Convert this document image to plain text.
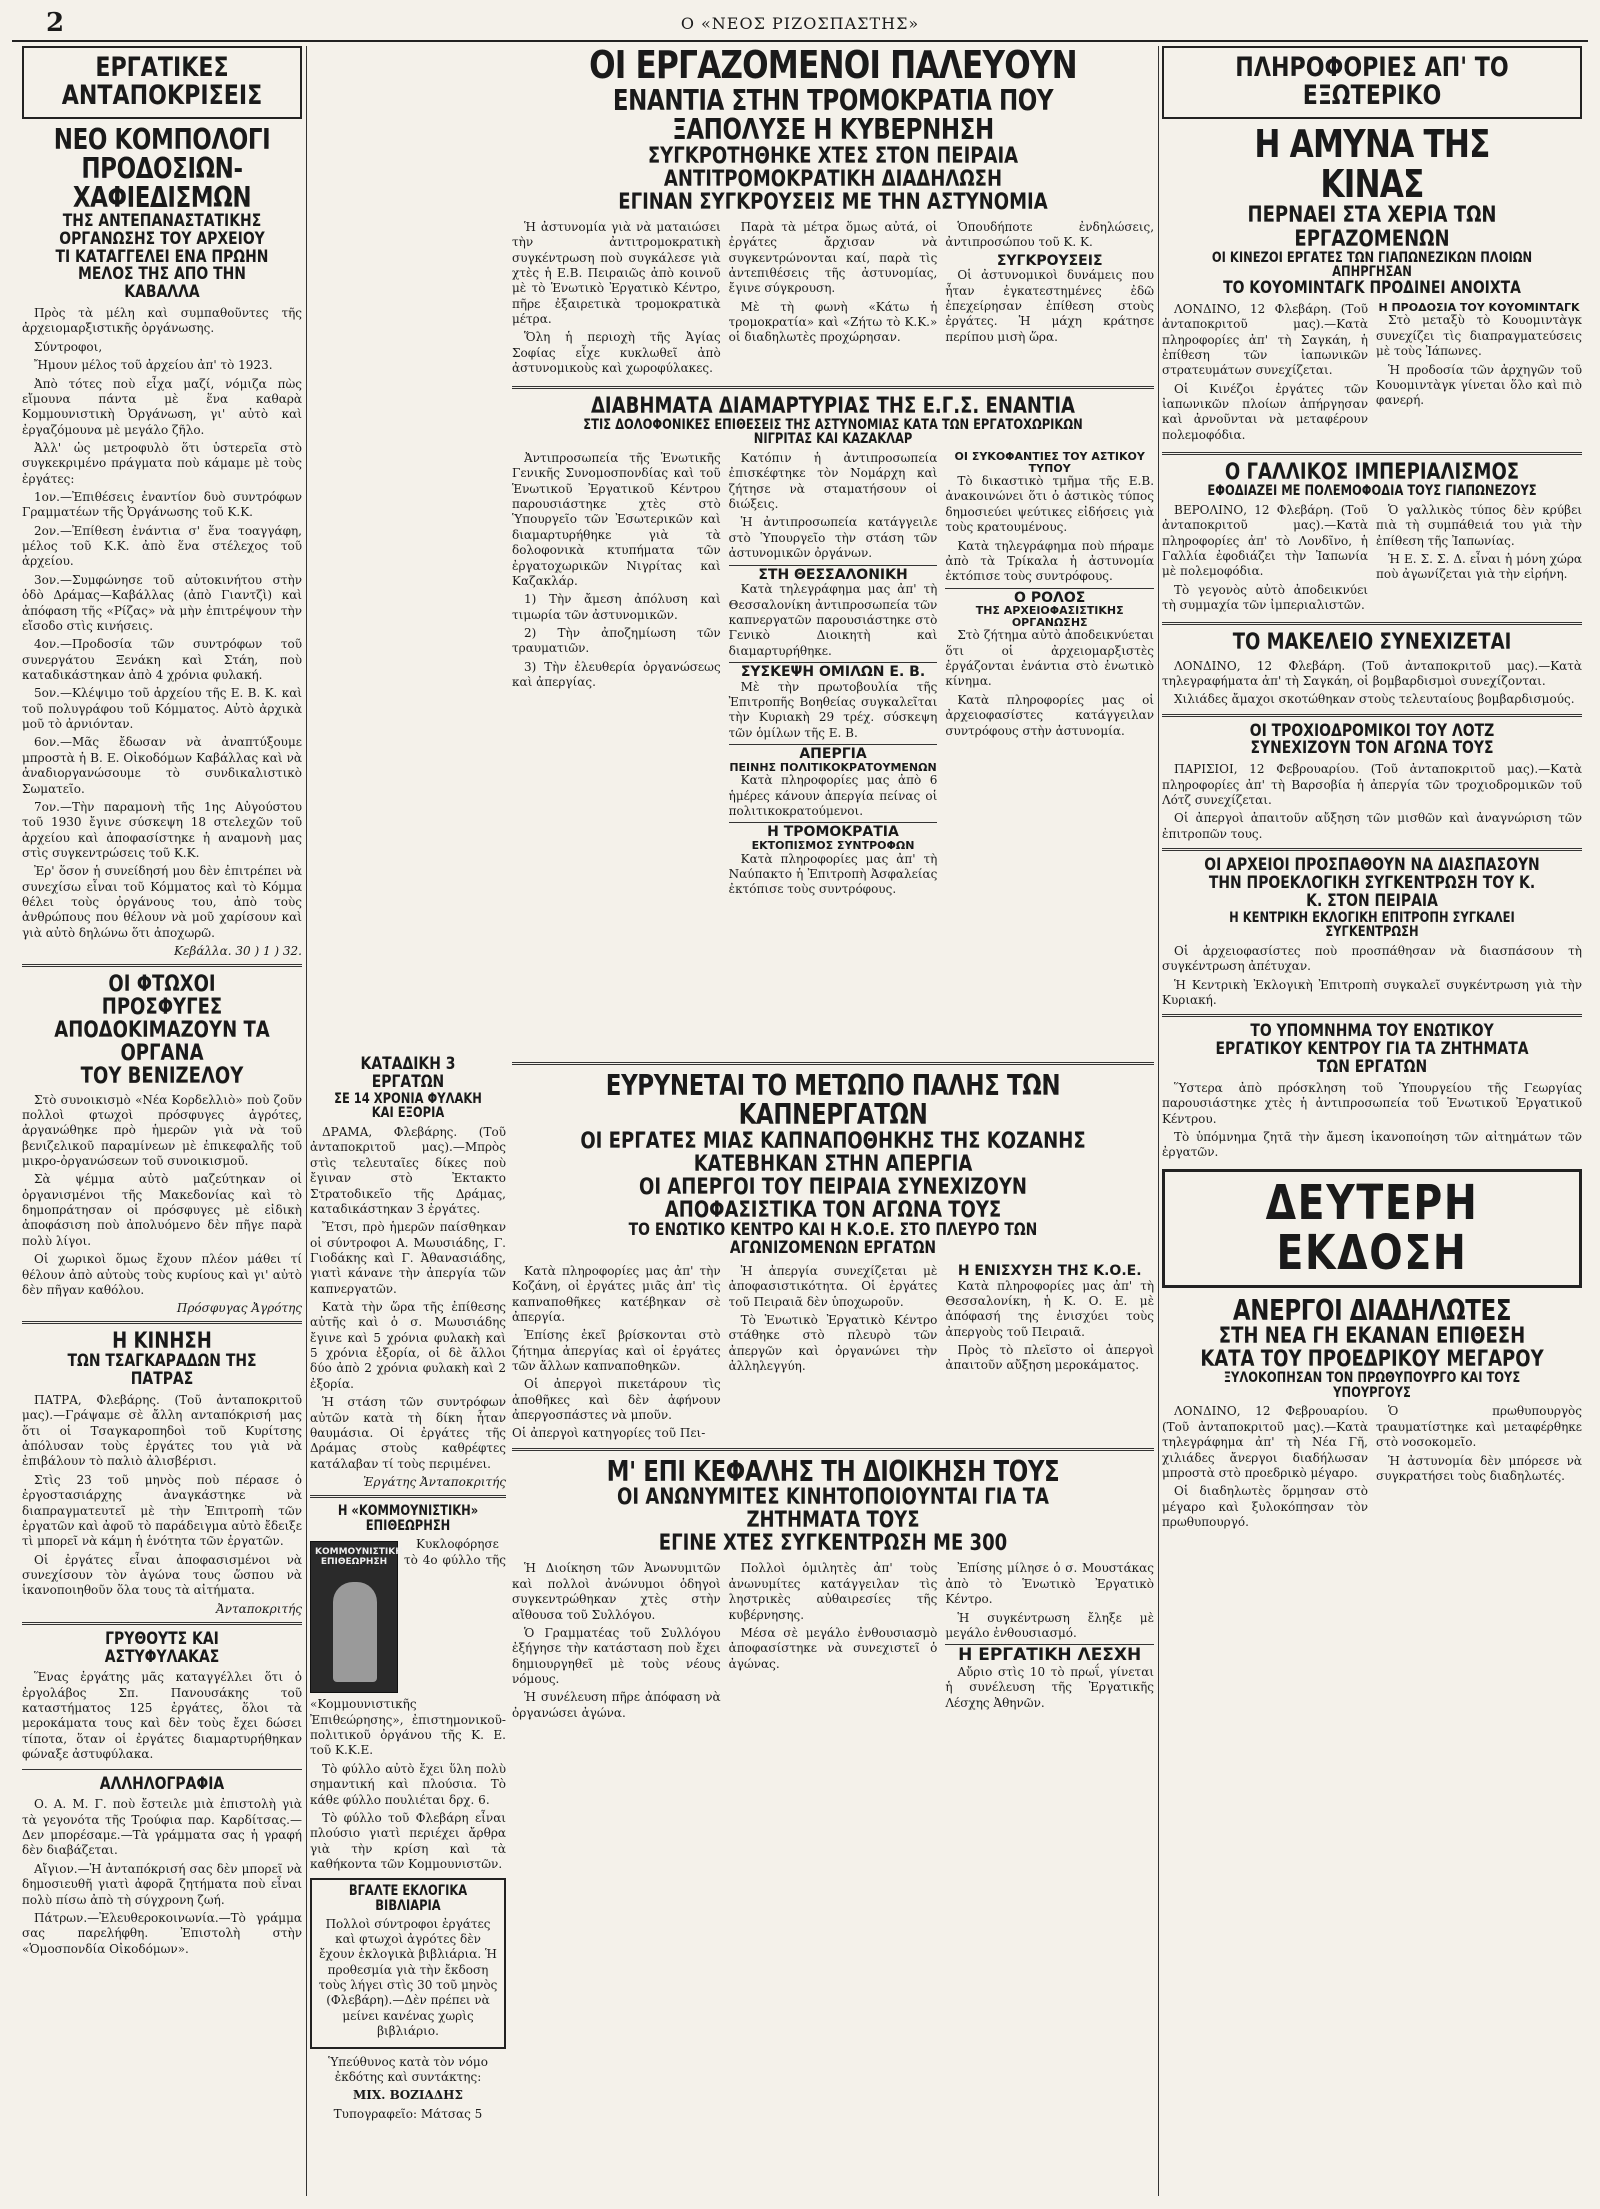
2	Ο «ΝΕΟΣ ΡΙΖΟΣΠΑΣΤΗΣ»
ΕΡΓΑΤΙΚΕΣ ΑΝΤΑΠΟΚΡΙΣΕΙΣ
ΝΕΟ ΚΟΜΠΟΛΟΓΙ ΠΡΟΔΟΣΙΩΝ-ΧΑΦΙΕΔΙΣΜΩΝ
ΤΗΣ ΑΝΤΕΠΑΝΑΣΤΑΤΙΚΗΣ ΟΡΓΑΝΩΣΗΣ ΤΟΥ ΑΡΧΕΙΟΥ
ΤΙ ΚΑΤΑΓΓΕΛΕΙ ΕΝΑ ΠΡΩΗΝ ΜΕΛΟΣ ΤΗΣ ΑΠΟ ΤΗΝ ΚΑΒΑΛΛΑ

Πρὸς τὰ μέλη καὶ συμπαθοῦντες τῆς ἀρχειομαρξιστικῆς ὀργάνωσης.

Σύντροφοι,

Ἤμουν μέλος τοῦ ἀρχείου ἀπ' τὸ 1923.

Ἀπὸ τότες ποὺ εἶχα μαζί, νόμιζα πὼς εἴμουνα πάντα μὲ ἕνα καθαρὰ Κομμουνιστικὴ Ὀργάνωση, γι' αὐτὸ καὶ ἐργαζόμουνα μὲ μεγάλο ζῆλο.

Ἀλλ' ὡς μετροφυλὸ ὅτι ὑστερεῖα στὸ συγκεκριμένο πράγματα ποὺ κάμαμε μὲ τοὺς ἐργάτες:

1ον.—Ἐπιθέσεις ἐναντίον δυὸ συντρόφων Γραμματέων τῆς Ὀργάνωσης τοῦ Κ.Κ.

2ον.—Ἐπίθεση ἐνάντια σ' ἕνα τοαγγάφη, μέλος τοῦ Κ.Κ. ἀπὸ ἕνα στέλεχος τοῦ ἀρχείου.

3ον.—Συμφώνησε τοῦ αὐτοκινήτου στὴν ὁδὸ Δράμας—Καβάλλας (ἀπὸ Γιαντζὶ) καὶ ἀπόφαση τῆς «Ρίζας» νὰ μὴν ἐπιτρέψουν τὴν εἴσοδο στὶς κινήσεις.

4ον.—Προδοσία τῶν συντρόφων τοῦ συνεργάτου Ξενάκη καὶ Στάη, ποὺ καταδικάστηκαν ἀπὸ 4 χρόνια φυλακή.

5ον.—Κλέψιμο τοῦ ἀρχείου τῆς Ε. Β. Κ. καὶ τοῦ πολυγράφου τοῦ Κόμματος. Αὐτὸ ἀρχικὰ μοῦ τὸ ἀρνιόνταν.

6ον.—Μᾶς ἔδωσαν νὰ ἀναπτύξουμε μπροστὰ ἡ Β. Ε. Οἰκοδόμων Καβάλλας καὶ νὰ ἀναδιοργανώσουμε τὸ συνδικαλιστικὸ Σωματεῖο.

7ον.—Τὴν παραμονὴ τῆς 1ης Αὐγούστου τοῦ 1930 ἔγινε σύσκεψη 18 στελεχῶν τοῦ ἀρχείου καὶ ἀποφασίστηκε ἡ αναμονὴ μας στὶς συγκεντρώσεις τοῦ Κ.Κ.

Ἐρ' ὅσον ἡ συνείδησή μου δὲν ἐπιτρέπει νὰ συνεχίσω εἶναι τοῦ Κόμματος καὶ τὸ Κόμμα θέλει τοὺς ὀργάνους του, ἀπὸ τοὺς ἀνθρώπους που θέλουν νὰ μοῦ χαρίσουν καὶ γιὰ αὐτὸ δηλώνω ὅτι ἀποχωρῶ.

Κεβάλλα. 30 ) 1 ) 32.
ΟΙ ΦΤΩΧΟΙ ΠΡΟΣΦΥΓΕΣ
ΑΠΟΔΟΚΙΜΑΖΟΥΝ ΤΑ ΟΡΓΑΝΑ
ΤΟΥ ΒΕΝΙΖΕΛΟΥ

Στὸ συνοικισμὸ «Νέα Κορδελλιὸ» ποὺ ζοῦν πολλοὶ φτωχοὶ πρόσφυγες ἀγρότες, ἀργανώθηκε πρὸ ἡμερῶν γιὰ νὰ τοῦ βενιζελικοῦ παραμίνεων μὲ ἐπικεφαλῆς τοῦ μικρο-ὀργανώσεων τοῦ συνοικισμοῦ.

Σὰ ψέμμα αὐτὸ μαζεύτηκαν οἱ ὀργανισμένοι τῆς Μακεδονίας καὶ τὸ δημοπράτησαν οἱ πρόσφυγες μὲ εἰδικὴ ἀποφάσιση ποὺ ἀπολυόμενο δὲν πῆγε παρὰ πολὺ λίγοι.

Οἱ χωρικοὶ ὅμως ἔχουν πλέον μάθει τί θέλουν ἀπὸ αὐτοὺς τοὺς κυρίους καὶ γι' αὐτὸ δὲν πῆγαν καθόλου.

Πρόσφυγας Ἀγρότης
Η ΚΙΝΗΣΗ
ΤΩΝ ΤΣΑΓΚΑΡΑΔΩΝ ΤΗΣ ΠΑΤΡΑΣ

ΠΑΤΡΑ, Φλεβάρης. (Τοῦ ἀνταποκριτοῦ μας).—Γράψαμε σὲ ἄλλη ανταπόκρισή μας ὅτι οἱ Τσαγκαροπηδοὶ τοῦ Κυρίτσης ἀπόλυσαν τοὺς ἐργάτες του γιὰ νὰ ἐπιβάλουν τὸ παλιὸ ἀλισβέρισι.

Στὶς 23 τοῦ μηνὸς ποὺ πέρασε ὁ ἐργοστασιάρχης ἀναγκάστηκε νὰ διαπραγματευτεῖ μὲ τὴν Ἐπιτροπὴ τῶν ἐργατῶν καὶ ἀφοῦ τὸ παράδειγμα αὐτὸ ἔδειξε τὶ μπορεῖ νὰ κάμη ἡ ἑνότητα τῶν ἐργατῶν.

Οἱ ἐργάτες εἶναι ἀποφασισμένοι νὰ συνεχίσουν τὸν ἀγώνα τους ὥσπου νὰ ἱκανοποιηθοῦν ὅλα τους τὰ αἰτήματα.

Ἀνταποκριτής
ΓΡΥΘΟΥΤΣ ΚΑΙ ΑΣΤΥΦΥΛΑΚΑΣ

Ἕνας ἐργάτης μᾶς καταγγέλλει ὅτι ὁ ἐργολάβος Σπ. Πανουσάκης τοῦ καταστήματος 125 ἐργάτες, ὅλοι τὰ μεροκάματα τους καὶ δὲν τοὺς ἔχει δώσει τίποτα, ὅταν οἱ ἐργάτες διαμαρτυρήθηκαν φώναξε ἀστυφύλακα.

ΑΛΛΗΛΟΓΡΑΦΙΑ

Ο. Α. Μ. Γ. ποὺ ἔστειλε μιὰ ἐπιστολὴ γιὰ τὰ γεγονότα τῆς Τρούφια παρ. Καρδίτσας.—Δεν μπορέσαμε.—Τὰ γράμματα σας ἡ γραφή δὲν διαβάζεται.

Αἴγιον.—Ἡ ἀνταπόκρισή σας δὲν μπορεῖ νὰ δημοσιευθῆ γιατὶ ἀφορᾶ ζητήματα ποὺ εἶναι πολὺ πίσω ἀπὸ τὴ σύγχρονη ζωή.

Πάτρων.—Ἐλευθεροκοινωνία.—Τὸ γράμμα σας παρελήφθη. Ἐπιστολὴ στὴν «Ὁμοσπονδία Οἰκοδόμων».

ΚΑΤΑΔΙΚΗ 3 ΕΡΓΑΤΩΝ
ΣΕ 14 ΧΡΟΝΙΑ ΦΥΛΑΚΗ ΚΑΙ ΕΞΟΡΙΑ

ΔΡΑΜΑ, Φλεβάρης. (Τοῦ ἀνταποκριτοῦ μας).—Μπρὸς στὶς τελευταῖες δίκες ποὺ ἔγιναν στὸ Ἐκτακτο Στρατοδικεῖο τῆς Δράμας, καταδικάστηκαν 3 ἐργάτες.

Ἔτσι, πρὸ ἡμερῶν παίσθηκαν οἱ σύντροφοι Α. Μωυσιάδης, Γ. Γιοδάκης καὶ Γ. Ἀθανασιάδης, γιατὶ κάνανε τὴν ἀπεργία τῶν καπνεργατῶν.

Κατὰ τὴν ὥρα τῆς ἐπίθεσης αὐτῆς καὶ ὁ σ. Μωυσιάδης ἔγινε καὶ 5 χρόνια φυλακὴ καὶ 5 χρόνια ἐξορία, οἱ δὲ ἄλλοι δύο ἀπὸ 2 χρόνια φυλακὴ καὶ 2 ἐξορία.

Ἡ στάση τῶν συντρόφων αὐτῶν κατὰ τὴ δίκη ἦταν θαυμάσια. Οἱ ἐργάτες τῆς Δράμας στοὺς καθρέφτες κατάλαβαν τί τοὺς περιμένει.

Ἐργάτης Ἀνταποκριτής
Η «ΚΟΜΜΟΥΝΙΣΤΙΚΗ» ΕΠΙΘΕΩΡΗΣΗ
ΚΟΜΜΟΥΝΙΣΤΙΚΗ ΕΠΙΘΕΩΡΗΣΗ

Κυκλοφόρησε τὸ 4ο φύλλο τῆς «Κομμουνιστικῆς Ἐπιθεώρησης», ἐπιστημονικοῦ-πολιτικοῦ ὀργάνου τῆς Κ. Ε. τοῦ Κ.Κ.Ε.

Τὸ φύλλο αὐτὸ ἔχει ὕλη πολὺ σημαντική καὶ πλούσια. Τὸ κάθε φύλλο πουλιέται δρχ. 6.

Τὸ φύλλο τοῦ Φλεβάρη εἶναι πλούσιο γιατὶ περιέχει ἄρθρα γιὰ τὴν κρίση καὶ τὰ καθήκοντα τῶν Κομμουνιστῶν.

ΒΓΑΛΤΕ ΕΚΛΟΓΙΚΑ ΒΙΒΛΙΑΡΙΑ

Πολλοὶ σύντροφοι ἐργάτες καὶ φτωχοὶ ἀγρότες δὲν ἔχουν ἐκλογικὰ βιβλιάρια. Ἡ προθεσμία γιὰ τὴν ἔκδοση τοὺς λήγει στὶς 30 τοῦ μηνὸς (Φλεβάρη).—Δὲν πρέπει νὰ μείνει κανένας χωρὶς βιβλιάριο.

Ὑπεύθυνος κατὰ τὸν νόμο ἐκδότης καὶ συντάκτης:

ΜΙΧ. ΒΟΖΙΑΔΗΣ

Τυπογραφεῖο: Μάτσας 5

ΟΙ ΕΡΓΑΖΟΜΕΝΟΙ ΠΑΛΕΥΟΥΝ
ΕΝΑΝΤΙΑ ΣΤΗΝ ΤΡΟΜΟΚΡΑΤΙΑ ΠΟΥ ΞΑΠΟΛΥΣΕ Η ΚΥΒΕΡΝΗΣΗ
ΣΥΓΚΡΟΤΗΘΗΚΕ ΧΤΕΣ ΣΤΟΝ ΠΕΙΡΑΙΑ ΑΝΤΙΤΡΟΜΟΚΡΑΤΙΚΗ ΔΙΑΔΗΛΩΣΗ
ΕΓΙΝΑΝ ΣΥΓΚΡΟΥΣΕΙΣ ΜΕ ΤΗΝ ΑΣΤΥΝΟΜΙΑ

Ἡ ἀστυνομία γιὰ νὰ ματαιώσει τὴν ἀντιτρομοκρατικὴ συγκέντρωση ποὺ συγκάλεσε γιὰ χτὲς ἡ Ε.Β. Πειραιῶς ἀπὸ κοινοῦ μὲ τὸ Ἑνωτικὸ Ἐργατικὸ Κέντρο, πῆρε ἐξαιρετικὰ τρομοκρατικὰ μέτρα.

Ὅλη ἡ περιοχὴ τῆς Ἀγίας Σοφίας εἶχε κυκλωθεῖ ἀπὸ ἀστυνομικοὺς καὶ χωροφύλακες.

Παρὰ τὰ μέτρα ὅμως αὐτά, οἱ ἐργάτες ἄρχισαν νὰ συγκεντρώνονται καί, παρὰ τὶς ἀντεπιθέσεις τῆς ἀστυνομίας, ἔγινε σύγκρουση.

Μὲ τὴ φωνὴ «Κάτω ἡ τρομοκρατία» καὶ «Ζήτω τὸ Κ.Κ.» οἱ διαδηλωτὲς προχώρησαν.

Ὁπουδήποτε ἐνδηλώσεις, ἀντιπροσώπου τοῦ Κ. Κ.

ΣΥΓΚΡΟΥΣΕΙΣ

Οἱ ἀστυνομικοὶ δυνάμεις που ἦταν ἐγκατεστημένες ἐδῶ ἐπεχείρησαν ἐπίθεση στοὺς ἐργάτες. Ἡ μάχη κράτησε περίπου μισὴ ὥρα.

ΔΙΑΒΗΜΑΤΑ ΔΙΑΜΑΡΤΥΡΙΑΣ ΤΗΣ Ε.Γ.Σ. ΕΝΑΝΤΙΑ
ΣΤΙΣ ΔΟΛΟΦΟΝΙΚΕΣ ΕΠΙΘΕΣΕΙΣ ΤΗΣ ΑΣΤΥΝΟΜΙΑΣ ΚΑΤΑ ΤΩΝ ΕΡΓΑΤΟΧΩΡΙΚΩΝ ΝΙΓΡΙΤΑΣ ΚΑΙ ΚΑΖΑΚΛΑΡ

Ἀντιπροσωπεία τῆς Ἑνωτικῆς Γενικῆς Συνομοσπονδίας καὶ τοῦ Ἑνωτικοῦ Ἐργατικοῦ Κέντρου παρουσιάστηκε χτὲς στὸ Ὑπουργεῖο τῶν Ἐσωτερικῶν καὶ διαμαρτυρήθηκε γιὰ τὰ δολοφονικὰ κτυπήματα τῶν ἐργατοχωρικῶν Νιγρίτας καὶ Καζακλάρ.

1) Τὴν ἄμεση ἀπόλυση καὶ τιμωρία τῶν ἀστυνομικῶν.

2) Τὴν ἀποζημίωση τῶν τραυματιῶν.

3) Τὴν ἐλευθερία ὀργανώσεως καὶ ἀπεργίας.

Κατόπιν ἡ ἀντιπροσωπεία ἐπισκέφτηκε τὸν Νομάρχη καὶ ζήτησε νὰ σταματήσουν οἱ διώξεις.

Ἡ ἀντιπροσωπεία κατάγγειλε στὸ Ὑπουργεῖο τὴν στάση τῶν ἀστυνομικῶν ὀργάνων.

ΣΤΗ ΘΕΣΣΑΛΟΝΙΚΗ

Κατὰ τηλεγράφημα μας ἀπ' τὴ Θεσσαλονίκη ἀντιπροσωπεία τῶν καπνεργατῶν παρουσιάστηκε στὸ Γενικὸ Διοικητὴ καὶ διαμαρτυρήθηκε.

ΣΥΣΚΕΨΗ ΟΜΙΛΩΝ Ε. Β.

Μὲ τὴν πρωτοβουλία τῆς Ἐπιτροπῆς Βοηθείας συγκαλεῖται τὴν Κυριακὴ 29 τρέχ. σύσκεψη τῶν ὁμίλων τῆς Ε. Β.

ΑΠΕΡΓΙΑ
ΠΕΙΝΗΣ ΠΟΛΙΤΙΚΟΚΡΑΤΟΥΜΕΝΩΝ

Κατὰ πληροφορίες μας ἀπὸ 6 ἡμέρες κάνουν ἀπεργία πείνας οἱ πολιτικοκρατούμενοι.

Η ΤΡΟΜΟΚΡΑΤΙΑ
ΕΚΤΟΠΙΣΜΟΣ ΣΥΝΤΡΟΦΩΝ

Κατὰ πληροφορίες μας ἀπ' τὴ Ναύπακτο ἡ Ἐπιτροπὴ Ἀσφαλείας ἐκτόπισε τοὺς συντρόφους.

ΟΙ ΣΥΚΟΦΑΝΤΙΕΣ ΤΟΥ ΑΣΤΙΚΟΥ ΤΥΠΟΥ

Τὸ δικαστικὸ τμῆμα τῆς Ε.Β. ἀνακοινώνει ὅτι ὁ ἀστικὸς τύπος δημοσιεύει ψεύτικες εἰδήσεις γιὰ τοὺς κρατουμένους.

Κατὰ τηλεγράφημα ποὺ πήραμε ἀπὸ τὰ Τρίκαλα ἡ ἀστυνομία ἐκτόπισε τοὺς συντρόφους.

Ο ΡΟΛΟΣ
ΤΗΣ ΑΡΧΕΙΟΦΑΣΙΣΤΙΚΗΣ ΟΡΓΑΝΩΣΗΣ

Στὸ ζήτημα αὐτὸ ἀποδεικνύεται ὅτι οἱ ἀρχειομαρξιστὲς ἐργάζονται ἐνάντια στὸ ἑνωτικὸ κίνημα.

Κατὰ πληροφορίες μας οἱ ἀρχειοφασίστες κατάγγειλαν συντρόφους στὴν ἀστυνομία.

ΕΥΡΥΝΕΤΑΙ ΤΟ ΜΕΤΩΠΟ ΠΑΛΗΣ ΤΩΝ ΚΑΠΝΕΡΓΑΤΩΝ
ΟΙ ΕΡΓΑΤΕΣ ΜΙΑΣ ΚΑΠΝΑΠΟΘΗΚΗΣ ΤΗΣ ΚΟΖΑΝΗΣ ΚΑΤΕΒΗΚΑΝ ΣΤΗΝ ΑΠΕΡΓΙΑ
ΟΙ ΑΠΕΡΓΟΙ ΤΟΥ ΠΕΙΡΑΙΑ ΣΥΝΕΧΙΖΟΥΝ ΑΠΟΦΑΣΙΣΤΙΚΑ ΤΟΝ ΑΓΩΝΑ ΤΟΥΣ
ΤΟ ΕΝΩΤΙΚΟ ΚΕΝΤΡΟ ΚΑΙ Η Κ.Ο.Ε. ΣΤΟ ΠΛΕΥΡΟ ΤΩΝ ΑΓΩΝΙΖΟΜΕΝΩΝ ΕΡΓΑΤΩΝ

Κατὰ πληροφορίες μας ἀπ' τὴν Κοζάνη, οἱ ἐργάτες μιᾶς ἀπ' τὶς καπναποθῆκες κατέβηκαν σὲ ἀπεργία.

Ἐπίσης ἐκεῖ βρίσκονται στὸ ζήτημα ἀπεργίας καὶ οἱ ἐργάτες τῶν ἄλλων καπναποθηκῶν.

Οἱ ἀπεργοὶ πικετάρουν τὶς ἀποθῆκες καὶ δὲν ἀφήνουν ἀπεργοσπάστες νὰ μποῦν.

Ἡ ἀπεργία συνεχίζεται μὲ ἀποφασιστικότητα. Οἱ ἐργάτες τοῦ Πειραιᾶ δὲν ὑποχωροῦν.

Τὸ Ἑνωτικὸ Ἐργατικὸ Κέντρο στάθηκε στὸ πλευρὸ τῶν ἀπεργῶν καὶ ὀργανώνει τὴν ἀλληλεγγύη.

Η ΕΝΙΣΧΥΣΗ ΤΗΣ Κ.Ο.Ε.

Κατὰ πληροφορίες μας ἀπ' τὴ Θεσσαλονίκη, ἡ Κ. Ο. Ε. μὲ ἀπόφασή της ἐνισχύει τοὺς ἀπεργοὺς τοῦ Πειραιᾶ.

Πρὸς τὸ πλεῖστο οἱ ἀπεργοὶ ἀπαιτοῦν αὔξηση μεροκάματος.

Οἱ ἀπεργοὶ κατηγορίες τοῦ Πει-

Μ' ΕΠΙ ΚΕΦΑΛΗΣ ΤΗ ΔΙΟΙΚΗΣΗ ΤΟΥΣ
ΟΙ ΑΝΩΝΥΜΙΤΕΣ ΚΙΝΗΤΟΠΟΙΟΥΝΤΑΙ ΓΙΑ ΤΑ ΖΗΤΗΜΑΤΑ ΤΟΥΣ
ΕΓΙΝΕ ΧΤΕΣ ΣΥΓΚΕΝΤΡΩΣΗ ΜΕ 300

Ἡ Διοίκηση τῶν Ἀνωνυμιτῶν καὶ πολλοὶ ἀνώνυμοι ὁδηγοὶ συγκεντρώθηκαν χτὲς στὴν αἴθουσα τοῦ Συλλόγου.

Ὁ Γραμματέας τοῦ Συλλόγου ἐξήγησε τὴν κατάσταση ποὺ ἔχει δημιουργηθεῖ μὲ τοὺς νέους νόμους.

Ἡ συνέλευση πῆρε ἀπόφαση νὰ ὀργανώσει ἀγώνα.

Πολλοὶ ὁμιλητὲς ἀπ' τοὺς ἀνωνυμίτες κατάγγειλαν τὶς ληστρικὲς αὐθαιρεσίες τῆς κυβέρνησης.

Μέσα σὲ μεγάλο ἐνθουσιασμὸ ἀποφασίστηκε νὰ συνεχιστεῖ ὁ ἀγώνας.

Ἐπίσης μίλησε ὁ σ. Μουστάκας ἀπὸ τὸ Ἑνωτικὸ Ἐργατικὸ Κέντρο.

Ἡ συγκέντρωση ἔληξε μὲ μεγάλο ἐνθουσιασμό.

Η ΕΡΓΑΤΙΚΗ ΛΕΣΧΗ

Αὔριο στὶς 10 τὸ πρωΐ, γίνεται ἡ συνέλευση τῆς Ἐργατικῆς Λέσχης Ἀθηνῶν.

ΠΛΗΡΟΦΟΡΙΕΣ ΑΠ' ΤΟ ΕΞΩΤΕΡΙΚΟ
Η ΑΜΥΝΑ ΤΗΣ ΚΙΝΑΣ
ΠΕΡΝΑΕΙ ΣΤΑ ΧΕΡΙΑ ΤΩΝ ΕΡΓΑΖΟΜΕΝΩΝ
ΟΙ ΚΙΝΕΖΟΙ ΕΡΓΑΤΕΣ ΤΩΝ ΓΙΑΠΩΝΕΖΙΚΩΝ ΠΛΟΙΩΝ ΑΠΗΡΓΗΣΑΝ
ΤΟ ΚΟΥΟΜΙΝΤΑΓΚ ΠΡΟΔΙΝΕΙ ΑΝΟΙΧΤΑ

ΛΟΝΔΙΝΟ, 12 Φλεβάρη. (Τοῦ ἀνταποκριτοῦ μας).—Κατὰ πληροφορίες ἀπ' τὴ Σαγκάη, ἡ ἐπίθεση τῶν ἰαπωνικῶν στρατευμάτων συνεχίζεται.

Οἱ Κινέζοι ἐργάτες τῶν ἰαπωνικῶν πλοίων ἀπήργησαν καὶ ἀρνοῦνται νὰ μεταφέρουν πολεμοφόδια.

Η ΠΡΟΔΟΣΙΑ ΤΟΥ ΚΟΥΟΜΙΝΤΑΓΚ

Στὸ μεταξὺ τὸ Κουομιντὰγκ συνεχίζει τὶς διαπραγματεύσεις μὲ τοὺς Ἰάπωνες.

Ἡ προδοσία τῶν ἀρχηγῶν τοῦ Κουομιντὰγκ γίνεται ὅλο καὶ πιὸ φανερή.

Ο ΓΑΛΛΙΚΟΣ ΙΜΠΕΡΙΑΛΙΣΜΟΣ
ΕΦΟΔΙΑΖΕΙ ΜΕ ΠΟΛΕΜΟΦΟΔΙΑ ΤΟΥΣ ΓΙΑΠΩΝΕΖΟΥΣ

ΒΕΡΟΛΙΝΟ, 12 Φλεβάρη. (Τοῦ ἀνταποκριτοῦ μας).—Κατὰ πληροφορίες ἀπ' τὸ Λονδῖνο, ἡ Γαλλία ἐφοδιάζει τὴν Ἰαπωνία μὲ πολεμοφόδια.

Τὸ γεγονὸς αὐτὸ ἀποδεικνύει τὴ συμμαχία τῶν ἰμπεριαλιστῶν.

Ὁ γαλλικὸς τύπος δὲν κρύβει πιὰ τὴ συμπάθειά του γιὰ τὴν ἐπίθεση τῆς Ἰαπωνίας.

Ἡ Ε. Σ. Σ. Δ. εἶναι ἡ μόνη χώρα ποὺ ἀγωνίζεται γιὰ τὴν εἰρήνη.

ΤΟ ΜΑΚΕΛΕΙΟ ΣΥΝΕΧΙΖΕΤΑΙ

ΛΟΝΔΙΝΟ, 12 Φλεβάρη. (Τοῦ ἀνταποκριτοῦ μας).—Κατὰ τηλεγραφήματα ἀπ' τὴ Σαγκάη, οἱ βομβαρδισμοὶ συνεχίζονται.

Χιλιάδες ἄμαχοι σκοτώθηκαν στοὺς τελευταίους βομβαρδισμούς.

ΟΙ ΤΡΟΧΙΟΔΡΟΜΙΚΟΙ ΤΟΥ ΛΟΤΖ ΣΥΝΕΧΙΖΟΥΝ ΤΟΝ ΑΓΩΝΑ ΤΟΥΣ

ΠΑΡΙΣΙΟΙ, 12 Φεβρουαρίου. (Τοῦ ἀνταποκριτοῦ μας).—Κατὰ πληροφορίες ἀπ' τὴ Βαρσοβία ἡ ἀπεργία τῶν τροχιοδρομικῶν τοῦ Λότζ συνεχίζεται.

Οἱ ἀπεργοὶ ἀπαιτοῦν αὔξηση τῶν μισθῶν καὶ ἀναγνώριση τῶν ἐπιτροπῶν τους.

ΟΙ ΑΡΧΕΙΟΙ ΠΡΟΣΠΑΘΟΥΝ ΝΑ ΔΙΑΣΠΑΣΟΥΝ
ΤΗΝ ΠΡΟΕΚΛΟΓΙΚΗ ΣΥΓΚΕΝΤΡΩΣΗ ΤΟΥ Κ. Κ. ΣΤΟΝ ΠΕΙΡΑΙΑ
Η ΚΕΝΤΡΙΚΗ ΕΚΛΟΓΙΚΗ ΕΠΙΤΡΟΠΗ ΣΥΓΚΑΛΕΙ ΣΥΓΚΕΝΤΡΩΣΗ

Οἱ ἀρχειοφασίστες ποὺ προσπάθησαν νὰ διασπάσουν τὴ συγκέντρωση ἀπέτυχαν.

Ἡ Κεντρικὴ Ἐκλογικὴ Ἐπιτροπὴ συγκαλεῖ συγκέντρωση γιὰ τὴν Κυριακή.

ΤΟ ΥΠΟΜΝΗΜΑ ΤΟΥ ΕΝΩΤΙΚΟΥ
ΕΡΓΑΤΙΚΟΥ ΚΕΝΤΡΟΥ ΓΙΑ ΤΑ ΖΗΤΗΜΑΤΑ ΤΩΝ ΕΡΓΑΤΩΝ

Ὕστερα ἀπὸ πρόσκληση τοῦ Ὑπουργείου τῆς Γεωργίας παρουσιάστηκε χτὲς ἡ ἀντιπροσωπεία τοῦ Ἑνωτικοῦ Ἐργατικοῦ Κέντρου.

Τὸ ὑπόμνημα ζητᾶ τὴν ἄμεση ἱκανοποίηση τῶν αἰτημάτων τῶν ἐργατῶν.

ΔΕΥΤΕΡΗ ΕΚΔΟΣΗ
ΑΝΕΡΓΟΙ ΔΙΑΔΗΛΩΤΕΣ
ΣΤΗ ΝΕΑ ΓΗ ΕΚΑΝΑΝ ΕΠΙΘΕΣΗ
ΚΑΤΑ ΤΟΥ ΠΡΟΕΔΡΙΚΟΥ ΜΕΓΑΡΟΥ
ΞΥΛΟΚΟΠΗΣΑΝ ΤΟΝ ΠΡΩΘΥΠΟΥΡΓΟ ΚΑΙ ΤΟΥΣ ΥΠΟΥΡΓΟΥΣ

ΛΟΝΔΙΝΟ, 12 Φεβρουαρίου. (Τοῦ ἀνταποκριτοῦ μας).—Κατὰ τηλεγράφημα ἀπ' τὴ Νέα Γῆ, χιλιάδες ἄνεργοι διαδήλωσαν μπροστὰ στὸ προεδρικὸ μέγαρο.

Οἱ διαδηλωτὲς ὅρμησαν στὸ μέγαρο καὶ ξυλοκόπησαν τὸν πρωθυπουργό.

Ὁ πρωθυπουργὸς τραυματίστηκε καὶ μεταφέρθηκε στὸ νοσοκομεῖο.

Ἡ ἀστυνομία δὲν μπόρεσε νὰ συγκρατήσει τοὺς διαδηλωτές.
